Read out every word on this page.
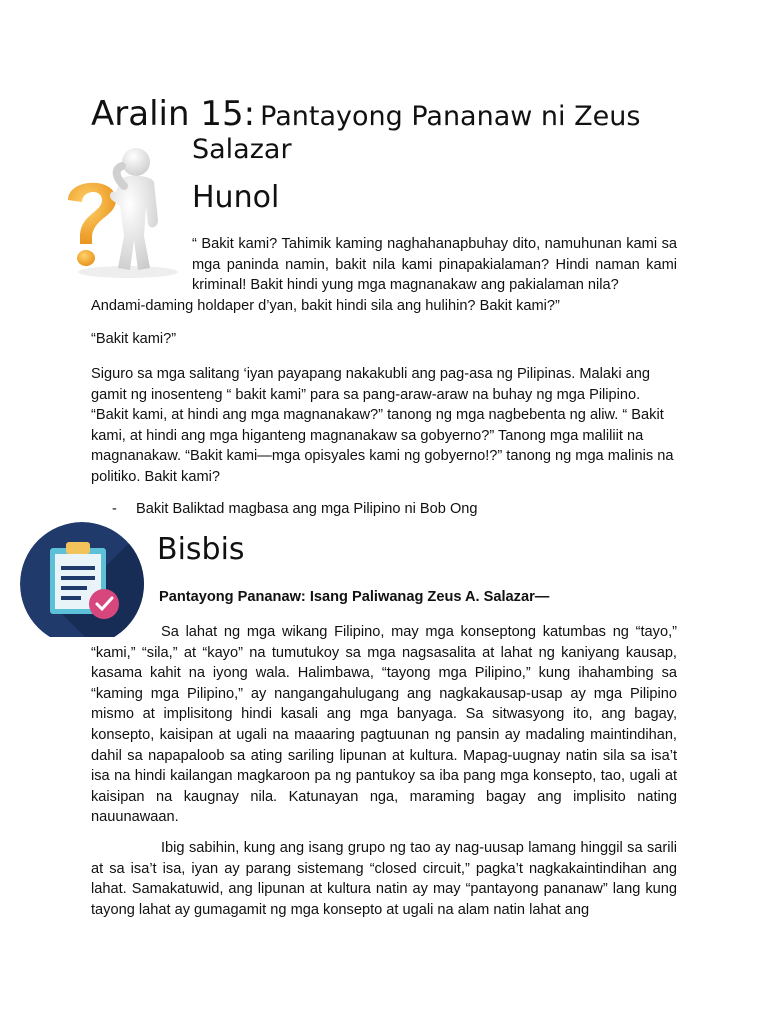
Aralin 15: Pantayong Pananaw ni Zeus
Salazar
Hunol
“ Bakit kami? Tahimik kaming naghahanapbuhay dito, namuhunan kami sa mga paninda namin, bakit nila kami pinapakialaman? Hindi naman kami kriminal! Bakit hindi yung mga magnanakaw ang pakialaman nila?
Andami-daming holdaper d’yan, bakit hindi sila ang hulihin? Bakit kami?”
“Bakit kami?”
Siguro sa mga salitang ‘iyan payapang nakakubli ang pag-asa ng Pilipinas. Malaki ang gamit ng inosenteng “ bakit kami” para sa pang-araw-araw na buhay ng mga Pilipino. “Bakit kami, at hindi ang mga magnanakaw?” tanong ng mga nagbebenta ng aliw. “ Bakit kami, at hindi ang mga higanteng magnanakaw sa gobyerno?” Tanong mga maliliit na magnanakaw. “Bakit kami—mga opisyales kami ng gobyerno!?” tanong ng mga malinis na politiko. Bakit kami?
- Bakit Baliktad magbasa ang mga Pilipino ni Bob Ong
Bisbis
Pantayong Pananaw: Isang Paliwanag Zeus A. Salazar—
Sa lahat ng mga wikang Filipino, may mga konseptong katumbas ng “tayo,” “kami,” “sila,” at “kayo” na tumutukoy sa mga nagsasalita at lahat ng kaniyang kausap, kasama kahit na iyong wala. Halimbawa, “tayong mga Pilipino,” kung ihahambing sa “kaming mga Pilipino,” ay nangangahulugang ang nagkakausap-usap ay mga Pilipino mismo at implisitong hindi kasali ang mga banyaga. Sa sitwasyong ito, ang bagay, konsepto, kaisipan at ugali na maaaring pagtuunan ng pansin ay madaling maintindihan, dahil sa napapaloob sa ating sariling lipunan at kultura. Mapag-uugnay natin sila sa isa’t isa na hindi kailangan magkaroon pa ng pantukoy sa iba pang mga konsepto, tao, ugali at kaisipan na kaugnay nila. Katunayan nga, maraming bagay ang implisito nating nauunawaan.
Ibig sabihin, kung ang isang grupo ng tao ay nag-uusap lamang hinggil sa sarili at sa isa’t isa, iyan ay parang sistemang “closed circuit,” pagka’t nagkakaintindihan ang lahat. Samakatuwid, ang lipunan at kultura natin ay may “pantayong pananaw” lang kung tayong lahat ay gumagamit ng mga konsepto at ugali na alam natin lahat ang
